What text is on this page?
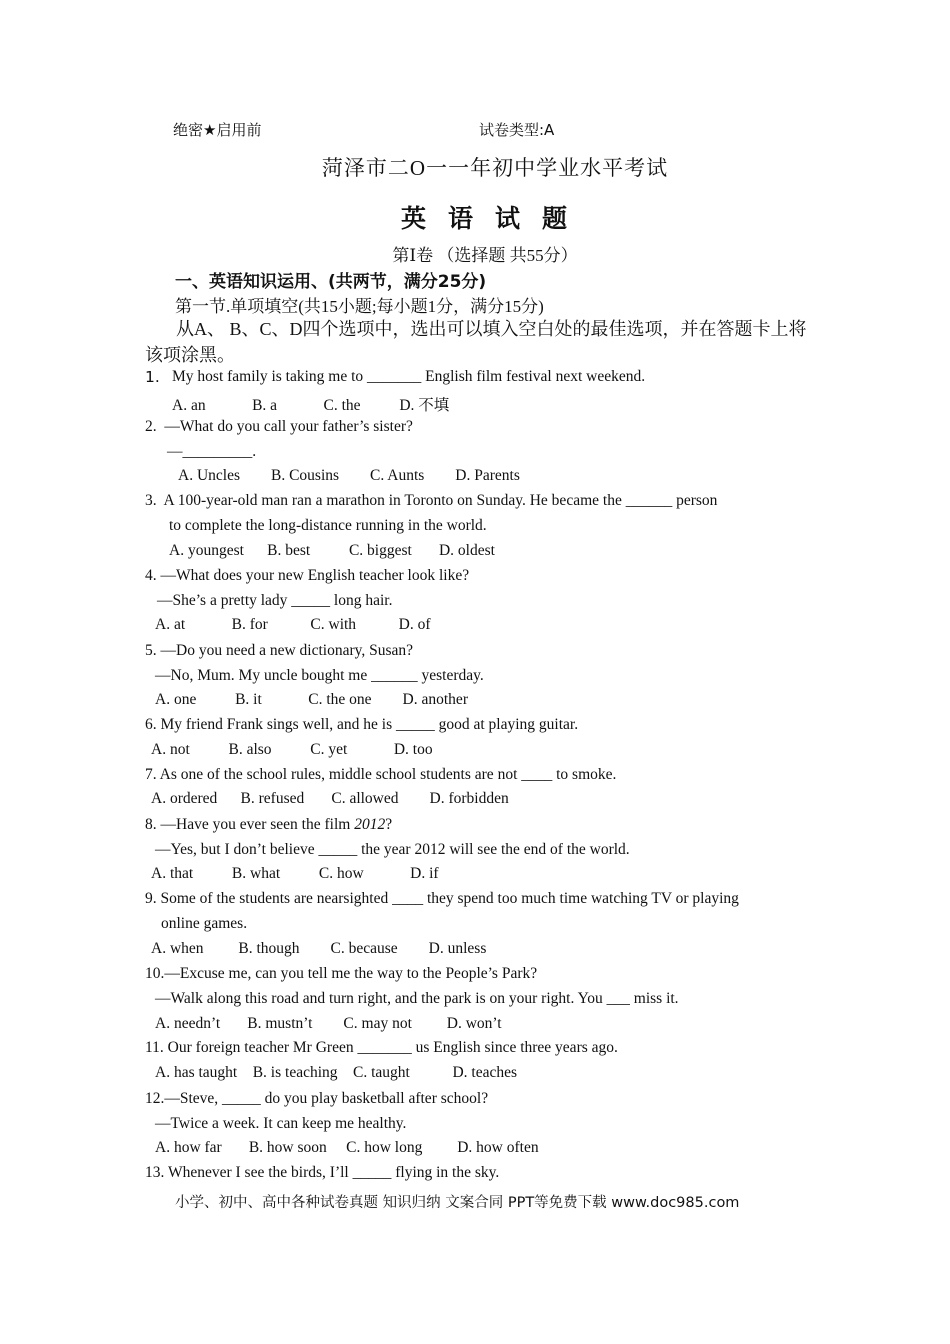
绝密★启用前	试卷类型:A
菏泽市二O一一年初中学业水平考试
英语试题
第Ⅰ卷 （选择题 共55分）
一、英语知识运用、(共两节，满分25分)
第一节.单项填空(共15小题;每小题1分，满分15分)
从A、 B、C、D四个选项中，选出可以填入空白处的最佳选项，并在答题卡上将该项涂黑。
1. My host family is taking me to _______ English film festival next weekend.
A. an            B. a            C. the          D. 不填
2.  —What do you call your father’s sister?
—_________.
A. Uncles        B. Cousins        C. Aunts        D. Parents
3.  A 100-year-old man ran a marathon in Toronto on Sunday. He became the ______ person
to complete the long-distance running in the world.
A. youngest      B. best          C. biggest       D. oldest
4. —What does your new English teacher look like?
—She’s a pretty lady _____ long hair.
A. at            B. for           C. with           D. of
5. —Do you need a new dictionary, Susan?
—No, Mum. My uncle bought me ______ yesterday.
A. one          B. it            C. the one        D. another
6. My friend Frank sings well, and he is _____ good at playing guitar.
A. not          B. also          C. yet            D. too
7. As one of the school rules, middle school students are not ____ to smoke.
A. ordered      B. refused       C. allowed        D. forbidden
8. —Have you ever seen the film 2012?
—Yes, but I don’t believe _____ the year 2012 will see the end of the world.
A. that          B. what          C. how            D. if
9. Some of the students are nearsighted ____ they spend too much time watching TV or playing
online games.
A. when         B. though        C. because        D. unless
10.—Excuse me, can you tell me the way to the People’s Park?
—Walk along this road and turn right, and the park is on your right. You ___ miss it.
A. needn’t       B. mustn’t        C. may not         D. won’t
11. Our foreign teacher Mr Green _______ us English since three years ago.
A. has taught    B. is teaching    C. taught           D. teaches
12.—Steve, _____ do you play basketball after school?
—Twice a week. It can keep me healthy.
A. how far       B. how soon     C. how long         D. how often
13. Whenever I see the birds, I’ll _____ flying in the sky.
小学、初中、高中各种试卷真题 知识归纳 文案合同 PPT等免费下载 www.doc985.com
